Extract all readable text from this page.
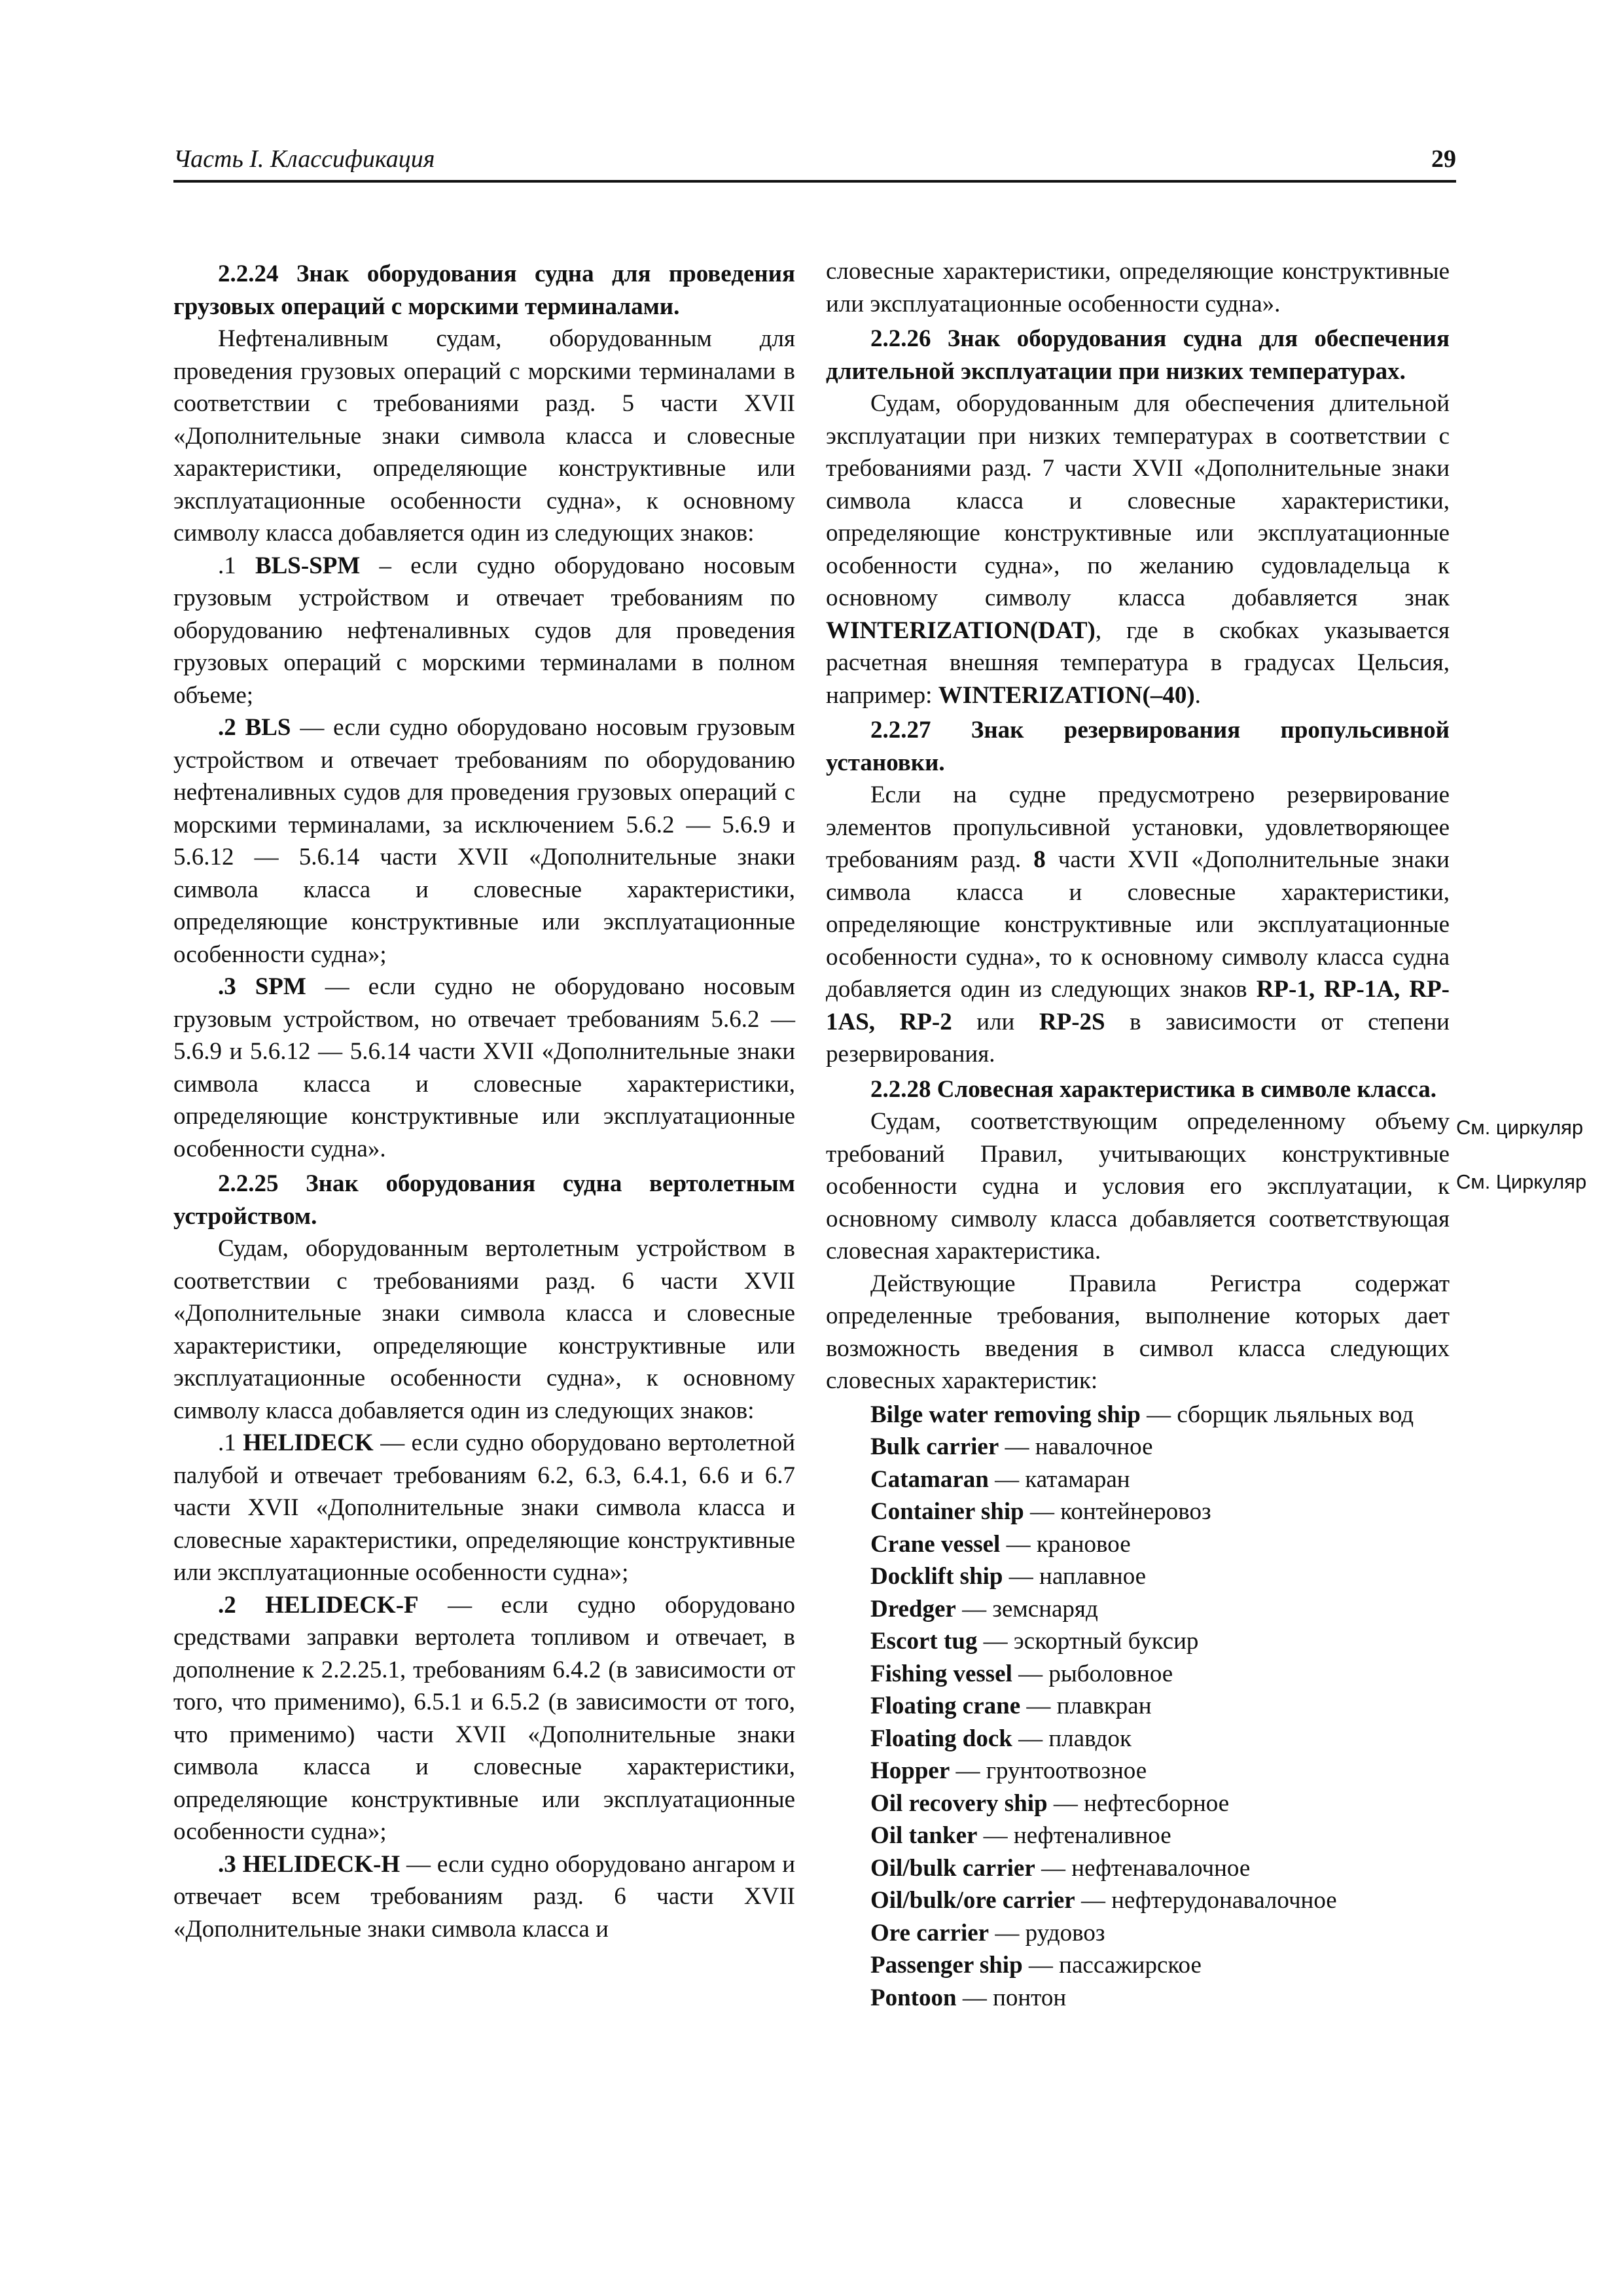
Часть I. Классификация	29

2.2.24 Знак оборудования судна для проведения грузовых операций с морскими терминалами.

Нефтеналивным судам, оборудованным для проведения грузовых операций с морскими терминалами в соответствии с требованиями разд. 5 части XVII «Дополнительные знаки символа класса и словесные характеристики, определяющие конструктивные или эксплуатационные особенности судна», к основному символу класса добавляется один из следующих знаков:

.1 BLS-SPM – если судно оборудовано носовым грузовым устройством и отвечает требованиям по оборудованию нефтеналивных судов для проведения грузовых операций с морскими терминалами в полном объеме;

.2 BLS — если судно оборудовано носовым грузовым устройством и отвечает требованиям по оборудованию нефтеналивных судов для проведения грузовых операций с морскими терминалами, за исключением 5.6.2 — 5.6.9 и 5.6.12 — 5.6.14 части XVII «Дополнительные знаки символа класса и словесные характеристики, определяющие конструктивные или эксплуатационные особенности судна»;

.3 SPM — если судно не оборудовано носовым грузовым устройством, но отвечает требованиям 5.6.2 — 5.6.9 и 5.6.12 — 5.6.14 части XVII «Дополнительные знаки символа класса и словесные характеристики, определяющие конструктивные или эксплуатационные особенности судна».

2.2.25 Знак оборудования судна вертолетным устройством.

Судам, оборудованным вертолетным устройством в соответствии с требованиями разд. 6 части XVII «Дополнительные знаки символа класса и словесные характеристики, определяющие конструктивные или эксплуатационные особенности судна», к основному символу класса добавляется один из следующих знаков:

.1 HELIDECK — если судно оборудовано вертолетной палубой и отвечает требованиям 6.2, 6.3, 6.4.1, 6.6 и 6.7 части XVII «Дополнительные знаки символа класса и словесные характеристики, определяющие конструктивные или эксплуатационные особенности судна»;

.2 HELIDECK-F — если судно оборудовано средствами заправки вертолета топливом и отвечает, в дополнение к 2.2.25.1, требованиям 6.4.2 (в зависимости от того, что применимо), 6.5.1 и 6.5.2 (в зависимости от того, что применимо) части XVII «Дополнительные знаки символа класса и словесные характеристики, определяющие конструктивные или эксплуатационные особенности судна»;

.3 HELIDECK-H — если судно оборудовано ангаром и отвечает всем требованиям разд. 6 части XVII «Дополнительные знаки символа класса и

словесные характеристики, определяющие конструктивные или эксплуатационные особенности судна».

2.2.26 Знак оборудования судна для обеспечения длительной эксплуатации при низких температурах.

Судам, оборудованным для обеспечения длительной эксплуатации при низких температурах в соответствии с требованиями разд. 7 части XVII «Дополнительные знаки символа класса и словесные характеристики, определяющие конструктивные или эксплуатационные особенности судна», по желанию судовладельца к основному символу класса добавляется знак WINTERIZATION(DAT), где в скобках указывается расчетная внешняя температура в градусах Цельсия, например: WINTERIZATION(–40).

2.2.27 Знак резервирования пропульсивной установки.

Если на судне предусмотрено резервирование элементов пропульсивной установки, удовлетворяющее требованиям разд. 8 части XVII «Дополнительные знаки символа класса и словесные характеристики, определяющие конструктивные или эксплуатационные особенности судна», то к основному символу класса судна добавляется один из следующих знаков RP-1, RP-1A, RP-1AS, RP-2 или RP-2S в зависимости от степени резервирования.

2.2.28 Словесная характеристика в символе класса.

Судам, соответствующим определенному объему требований Правил, учитывающих конструктивные особенности судна и условия его эксплуатации, к основному символу класса добавляется соответствующая словесная характеристика.

Действующие Правила Регистра содержат определенные требования, выполнение которых дает возможность введения в символ класса следующих словесных характеристик:

Bilge water removing ship — сборщик льяльных вод
Bulk carrier — навалочное
Catamaran — катамаран
Container ship — контейнеровоз
Crane vessel — крановое
Docklift ship — наплавное
Dredger — земснаряд
Escort tug — эскортный буксир
Fishing vessel — рыболовное
Floating crane — плавкран
Floating dock — плавдок
Hopper — грунтоотвозное
Oil recovery ship — нефтесборное
Oil tanker — нефтеналивное
Oil/bulk carrier — нефтенавалочное
Oil/bulk/ore carrier — нефтерудонавалочное
Ore carrier — рудовоз
Passenger ship — пассажирское
Pontoon — понтон
См. циркуляр
См. Циркуляр
